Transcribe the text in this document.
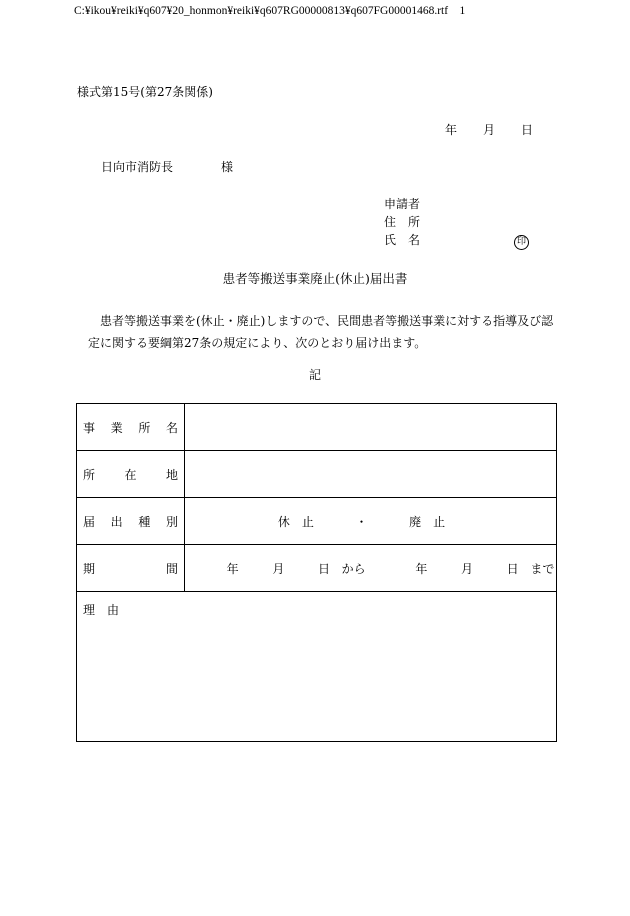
C:¥ikou¥reiki¥q607¥20_honmon¥reiki¥q607RG00000813¥q607FG00001468.rtf　1
様式第15号(第27条関係)
年 月 日
日向市消防長	様
申請者
住　所
氏　名	印
患者等搬送事業廃止(休止)届出書
患者等搬送事業を(休止・廃止)しますので、民間患者等搬送事業に対する指導及び認定に関する要綱第27条の規定により、次のとおり届け出ます。
記
事業所名	
所在地	
届出種別	休　止 ・ 廃　止
期間	年 月 日 から 年 月 日 まで
理　由	
